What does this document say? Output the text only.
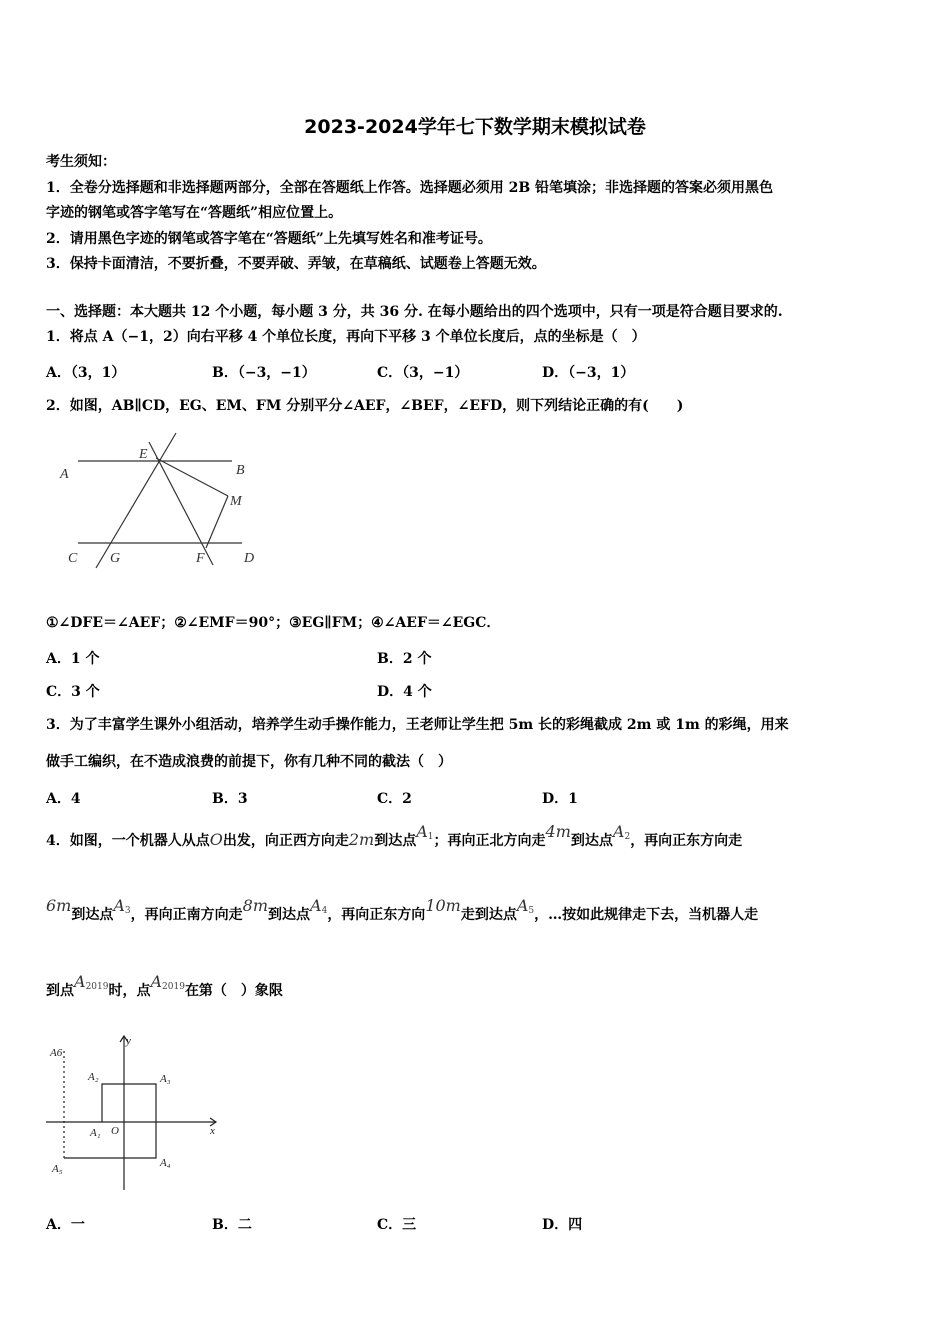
2023-2024学年七下数学期末模拟试卷
考生须知：
1．全卷分选择题和非选择题两部分，全部在答题纸上作答。选择题必须用 2B 铅笔填涂；非选择题的答案必须用黑色
字迹的钢笔或答字笔写在“答题纸”相应位置上。
2．请用黑色字迹的钢笔或答字笔在“答题纸”上先填写姓名和准考证号。
3．保持卡面清洁，不要折叠，不要弄破、弄皱，在草稿纸、试题卷上答题无效。
一、选择题：本大题共 12 个小题，每小题 3 分，共 36 分. 在每小题给出的四个选项中，只有一项是符合题目要求的.
1．将点 A（−1，2）向右平移 4 个单位长度，再向下平移 3 个单位长度后，点的坐标是（　）
A．（3，1）	B．（−3，−1）	C．（3，−1）	D．（−3，1）
2．如图，AB∥CD，EG、EM、FM 分别平分∠AEF，∠BEF，∠EFD，则下列结论正确的有(　　)
A	B
C	D
E
F
G
M
①∠DFE＝∠AEF；②∠EMF＝90°；③EG∥FM；④∠AEF＝∠EGC．
A．1 个	B．2 个
C．3 个	D．4 个
3．为了丰富学生课外小组活动，培养学生动手操作能力，王老师让学生把 5m 长的彩绳截成 2m 或 1m 的彩绳，用来
做手工编织，在不造成浪费的前提下，你有几种不同的截法（　）
A．4	B．3	C．2	D．1
4．如图，一个机器人从点O出发，向正西方向走2m到达点$A_1$；再向正北方向走4m到达点$A_2$，再向正东方向走
6m到达点$A_3$，再向正南方向走8m到达点$A_4$，再向正东方向10m走到达点$A_5$，…按如此规律走下去，当机器人走
到点$A_{2019}$时，点$A_{2019}$在第（　）象限
y
x
O
A₁
A₂	A₃
A₄
A₅
A6
A．一	B．二	C．三	D．四
